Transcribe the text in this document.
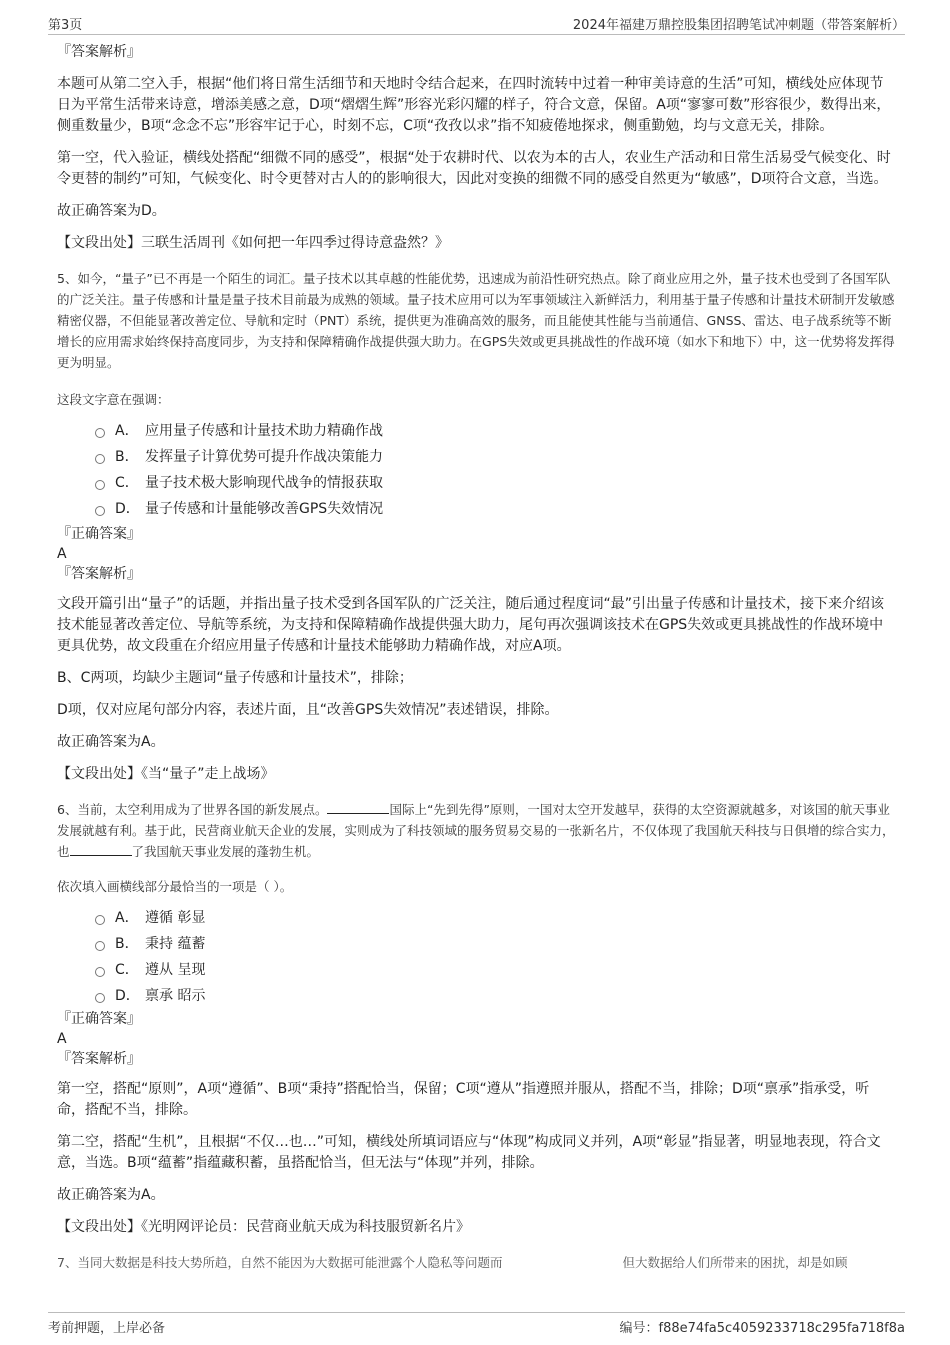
第3页	2024年福建万鼎控股集团招聘笔试冲刺题（带答案解析）

『答案解析』

本题可从第二空入手，根据“他们将日常生活细节和天地时令结合起来，在四时流转中过着一种审美诗意的生活”可知，横线处应体现节日为平常生活带来诗意，增添美感之意，D项“熠熠生辉”形容光彩闪耀的样子，符合文意，保留。A项“寥寥可数”形容很少，数得出来，侧重数量少，B项“念念不忘”形容牢记于心，时刻不忘，C项“孜孜以求”指不知疲倦地探求，侧重勤勉，均与文意无关，排除。

第一空，代入验证，横线处搭配“细微不同的感受”，根据“处于农耕时代、以农为本的古人，农业生产活动和日常生活易受气候变化、时令更替的制约”可知，气候变化、时令更替对古人的的影响很大，因此对变换的细微不同的感受自然更为“敏感”，D项符合文意，当选。

故正确答案为D。

【文段出处】三联生活周刊《如何把一年四季过得诗意盎然？》

5、如今，“量子”已不再是一个陌生的词汇。量子技术以其卓越的性能优势，迅速成为前沿性研究热点。除了商业应用之外，量子技术也受到了各国军队的广泛关注。量子传感和计量是量子技术目前最为成熟的领域。量子技术应用可以为军事领域注入新鲜活力，利用基于量子传感和计量技术研制开发敏感精密仪器，不但能显著改善定位、导航和定时（PNT）系统，提供更为准确高效的服务，而且能使其性能与当前通信、GNSS、雷达、电子战系统等不断增长的应用需求始终保持高度同步，为支持和保障精确作战提供强大助力。在GPS失效或更具挑战性的作战环境（如水下和地下）中，这一优势将发挥得更为明显。

这段文字意在强调：

A． 应用量子传感和计量技术助力精确作战
B． 发挥量子计算优势可提升作战决策能力
C． 量子技术极大影响现代战争的情报获取
D． 量子传感和计量能够改善GPS失效情况

『正确答案』

A

『答案解析』

文段开篇引出“量子”的话题，并指出量子技术受到各国军队的广泛关注，随后通过程度词“最”引出量子传感和计量技术，接下来介绍该技术能显著改善定位、导航等系统，为支持和保障精确作战提供强大助力，尾句再次强调该技术在GPS失效或更具挑战性的作战环境中更具优势，故文段重在介绍应用量子传感和计量技术能够助力精确作战，对应A项。

B、C两项，均缺少主题词“量子传感和计量技术”，排除；

D项，仅对应尾句部分内容，表述片面，且“改善GPS失效情况”表述错误，排除。

故正确答案为A。

【文段出处】《当“量子”走上战场》

6、当前，太空利用成为了世界各国的新发展点。	国际上“先到先得”原则，一国对太空开发越早，获得的太空资源就越多，对该国的航天事业发展就越有利。基于此，民营商业航天企业的发展，实则成为了科技领域的服务贸易交易的一张新名片，不仅体现了我国航天科技与日俱增的综合实力，也	了我国航天事业发展的蓬勃生机。

依次填入画横线部分最恰当的一项是（ ）。

A． 遵循 彰显
B． 秉持 蕴蓄
C． 遵从 呈现
D． 禀承 昭示

『正确答案』

A

『答案解析』

第一空，搭配“原则”，A项“遵循”、B项“秉持”搭配恰当，保留；C项“遵从”指遵照并服从，搭配不当，排除；D项“禀承”指承受，听命，搭配不当，排除。

第二空，搭配“生机”，且根据“不仅…也…”可知，横线处所填词语应与“体现”构成同义并列，A项“彰显”指显著，明显地表现，符合文意，当选。B项“蕴蓄”指蕴藏积蓄，虽搭配恰当，但无法与“体现”并列，排除。

故正确答案为A。

【文段出处】《光明网评论员：民营商业航天成为科技服贸新名片》

7、当同大数据是科技大势所趋，自然不能因为大数据可能泄露个人隐私等问题而	但大数据给人们所带来的困扰，却是如顾

考前押题，上岸必备	编号：f88e74fa5c4059233718c295fa718f8a
